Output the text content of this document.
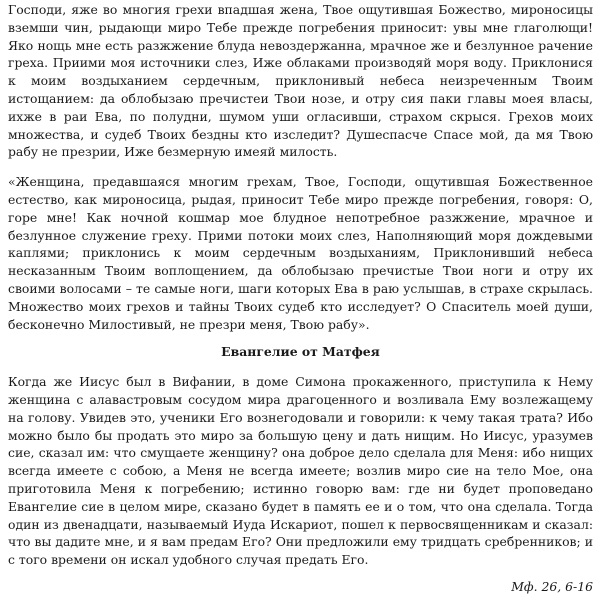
Господи, яже во многия грехи впадшая жена, Твое ощутившая Божество, мироносицы вземши чин, рыдающи миро Тебе прежде погребения приносит: увы мне глаголющи! Яко нощь мне есть разжжение блуда невоздержанна, мрачное же и безлунное рачение греха. Приими моя источники слез, Иже облаками производяй моря воду. Приклонися к моим воздыханием сердечным, приклонивый небеса неизреченным Твоим истощанием: да облобызаю пречистеи Твои нозе, и отру сия паки главы моея власы, ихже в раи Ева, по полудни, шумом уши огласивши, страхом скрыся. Грехов моих множества, и судеб Твоих бездны кто изследит? Душеспасче Спасе мой, да мя Твою рабу не презрии, Иже безмерную имеяй милость.

«Женщина, предавшаяся многим грехам, Твое, Господи, ощутившая Божественное естество, как мироносица, рыдая, приносит Тебе миро прежде погребения, говоря: О, горе мне! Как ночной кошмар мое блудное непотребное разжжение, мрачное и безлунное служение греху. Прими потоки моих слез, Наполняющий моря дождевыми каплями; приклонись к моим сердечным воздыханиям, Приклонивший небеса несказанным Твоим воплощением, да облобызаю пречистые Твои ноги и отру их своими волосами – те самые ноги, шаги которых Ева в раю услышав, в страхе скрылась. Множество моих грехов и тайны Твоих судеб кто исследует? О Спаситель моей души, бесконечно Милостивый, не презри меня, Твою рабу».

Евангелие от Матфея

Когда же Иисус был в Вифании, в доме Симона прокаженного, приступила к Нему женщина с алавастровым сосудом мира драгоценного и возливала Ему возлежащему на голову. Увидев это, ученики Его вознегодовали и говорили: к чему такая трата? Ибо можно было бы продать это миро за большую цену и дать нищим. Но Иисус, уразумев сие, сказал им: что смущаете женщину? она доброе дело сделала для Меня: ибо нищих всегда имеете с собою, а Меня не всегда имеете; возлив миро сие на тело Мое, она приготовила Меня к погребению; истинно говорю вам: где ни будет проповедано Евангелие сие в целом мире, сказано будет в память ее и о том, что она сделала. Тогда один из двенадцати, называемый Иуда Искариот, пошел к первосвященникам и сказал: что вы дадите мне, и я вам предам Его? Они предложили ему тридцать сребренников; и с того времени он искал удобного случая предать Его.

Мф. 26, 6-16
